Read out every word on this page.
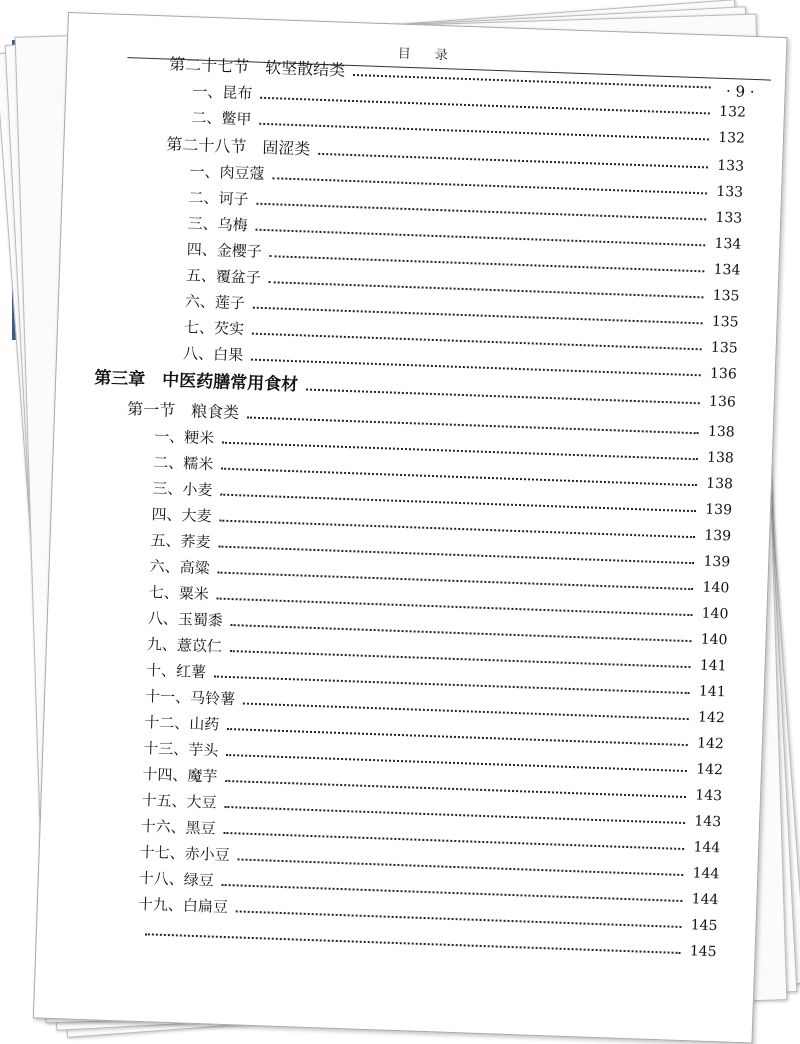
目 录
· 9 ·
第二十七节　软坚散结类
一、昆布
132
二、鳖甲
132
第二十八节　固涩类
133
一、肉豆蔻
133
二、诃子
133
三、乌梅
134
四、金樱子
134
五、覆盆子
135
六、莲子
135
七、芡实
135
八、白果
136
第三章　中医药膳常用食材
136
第一节　粮食类
138
一、粳米
138
二、糯米
138
三、小麦
139
四、大麦
139
五、荞麦
139
六、高粱
140
七、粟米
140
八、玉蜀黍
140
九、薏苡仁
141
十、红薯
141
十一、马铃薯
142
十二、山药
142
十三、芋头
142
十四、魔芋
143
十五、大豆
143
十六、黑豆
144
十七、赤小豆
144
十八、绿豆
144
十九、白扁豆
145
145
